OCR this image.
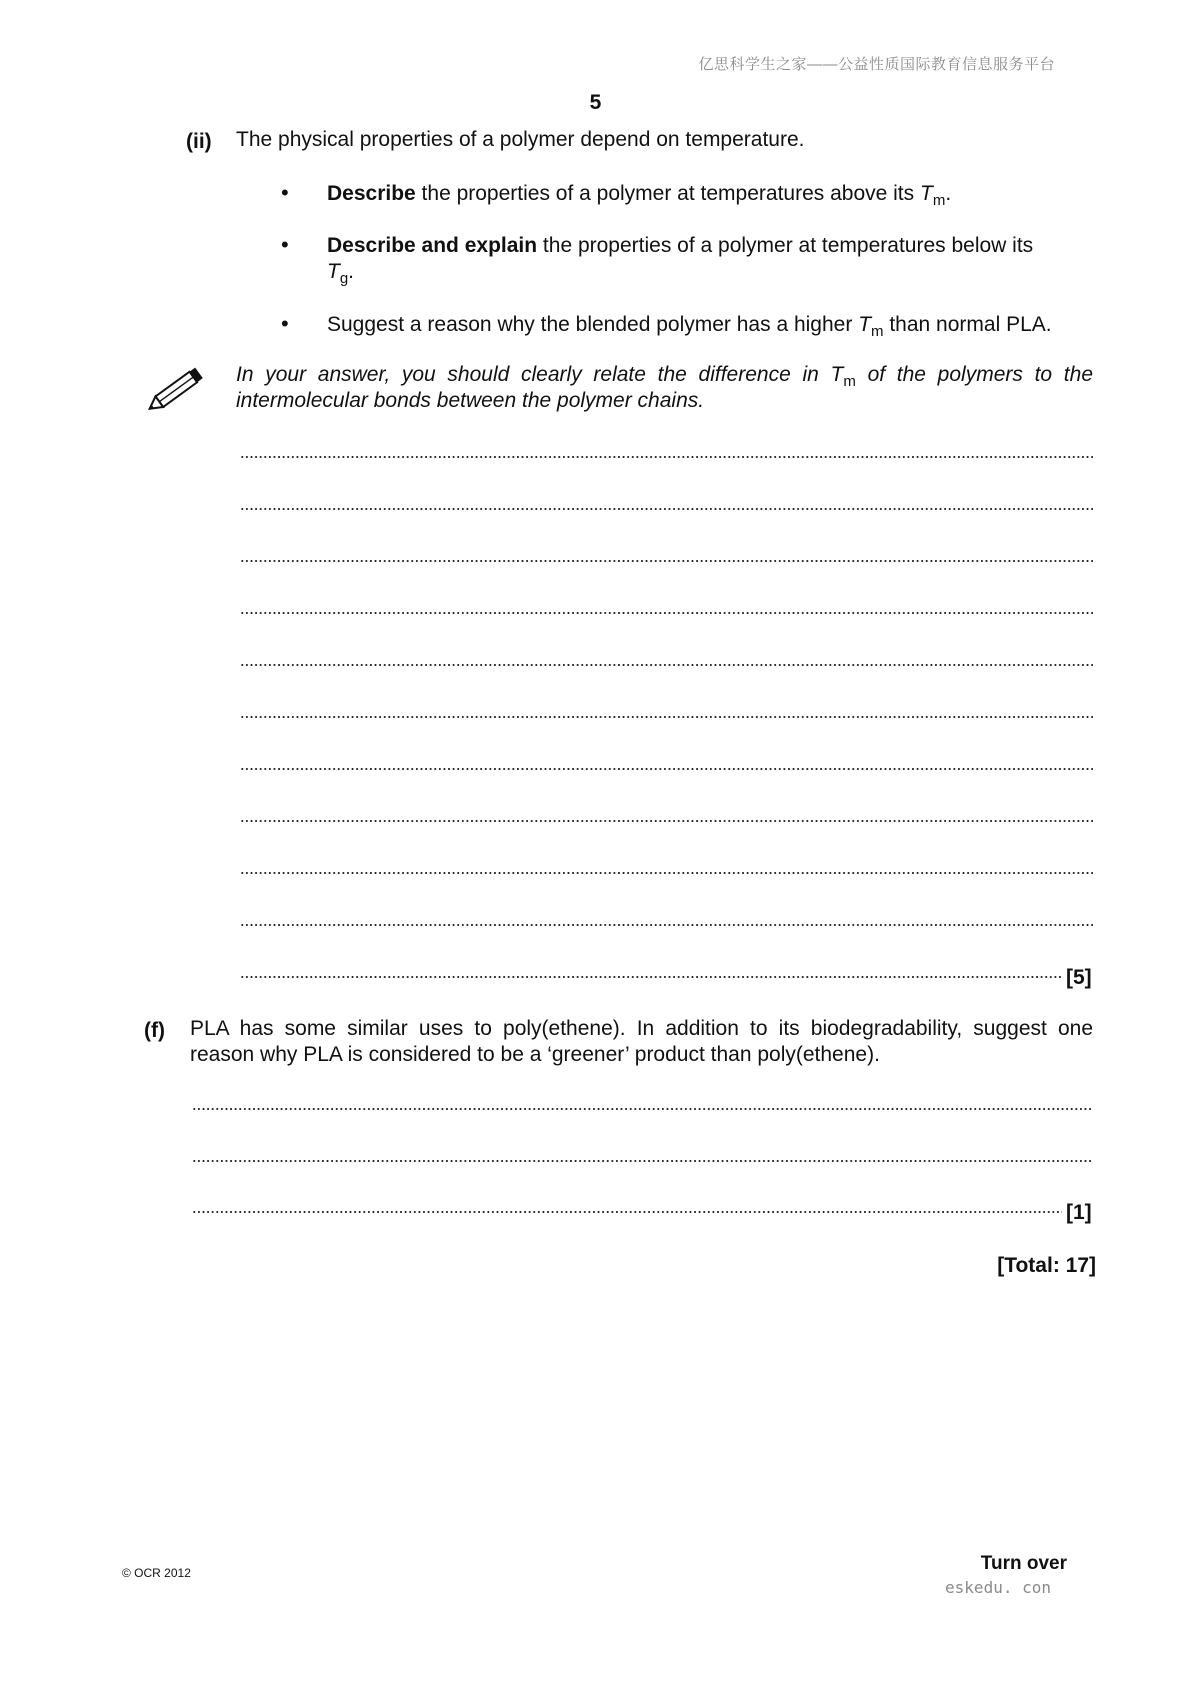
亿思科学生之家——公益性质国际教育信息服务平台
5
(ii) The physical properties of a polymer depend on temperature.
• Describe the properties of a polymer at temperatures above its $T_m$.
• Describe and explain the properties of a polymer at temperatures below its $T_g$.
• Suggest a reason why the blended polymer has a higher $T_m$ than normal PLA.
In your answer, you should clearly relate the difference in $T_m$ of the polymers to the intermolecular bonds between the polymer chains.
[5]
(f) PLA has some similar uses to poly(ethene). In addition to its biodegradability, suggest one reason why PLA is considered to be a ‘greener’ product than poly(ethene).
[1]
[Total: 17]
© OCR 2012	Turn over
eskedu. con
